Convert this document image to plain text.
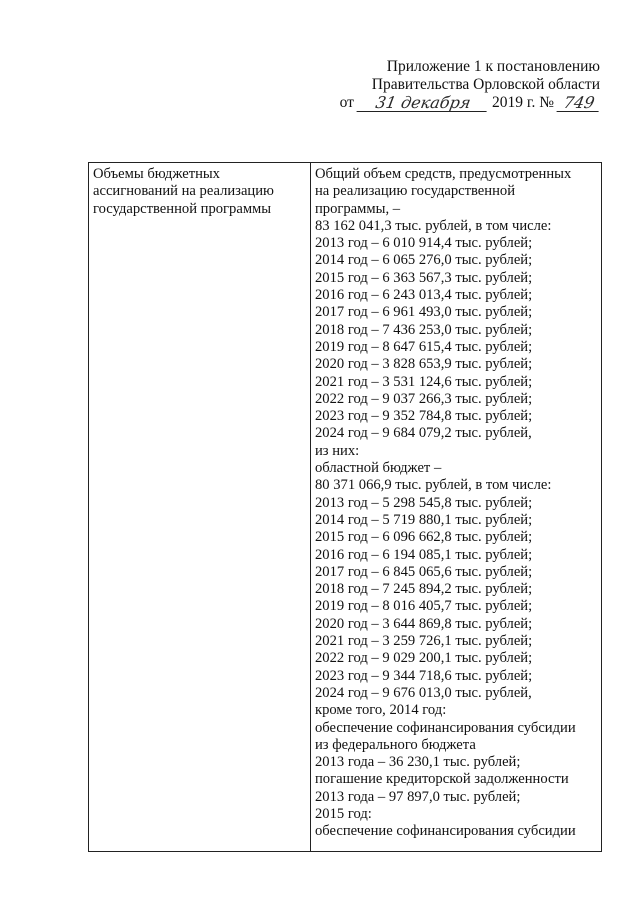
Приложение 1 к постановлению
Правительства Орловской области
от	31 декабря	2019 г. № 749
Объемы бюджетных
ассигнований на реализацию
государственной программы

Общий объем средств, предусмотренных
на реализацию государственной
программы, –
83 162 041,3 тыс. рублей, в том числе:
2013 год – 6 010 914,4 тыс. рублей;
2014 год – 6 065 276,0 тыс. рублей;
2015 год – 6 363 567,3 тыс. рублей;
2016 год – 6 243 013,4 тыс. рублей;
2017 год – 6 961 493,0 тыс. рублей;
2018 год – 7 436 253,0 тыс. рублей;
2019 год – 8 647 615,4 тыс. рублей;
2020 год – 3 828 653,9 тыс. рублей;
2021 год – 3 531 124,6 тыс. рублей;
2022 год – 9 037 266,3 тыс. рублей;
2023 год – 9 352 784,8 тыс. рублей;
2024 год – 9 684 079,2 тыс. рублей,
из них:
областной бюджет –
80 371 066,9 тыс. рублей, в том числе:
2013 год – 5 298 545,8 тыс. рублей;
2014 год – 5 719 880,1 тыс. рублей;
2015 год – 6 096 662,8 тыс. рублей;
2016 год – 6 194 085,1 тыс. рублей;
2017 год – 6 845 065,6 тыс. рублей;
2018 год – 7 245 894,2 тыс. рублей;
2019 год – 8 016 405,7 тыс. рублей;
2020 год – 3 644 869,8 тыс. рублей;
2021 год – 3 259 726,1 тыс. рублей;
2022 год – 9 029 200,1 тыс. рублей;
2023 год – 9 344 718,6 тыс. рублей;
2024 год – 9 676 013,0 тыс. рублей,
кроме того, 2014 год:
обеспечение софинансирования субсидии
из федерального бюджета
2013 года – 36 230,1 тыс. рублей;
погашение кредиторской задолженности
2013 года – 97 897,0 тыс. рублей;
2015 год:
обеспечение софинансирования субсидии
